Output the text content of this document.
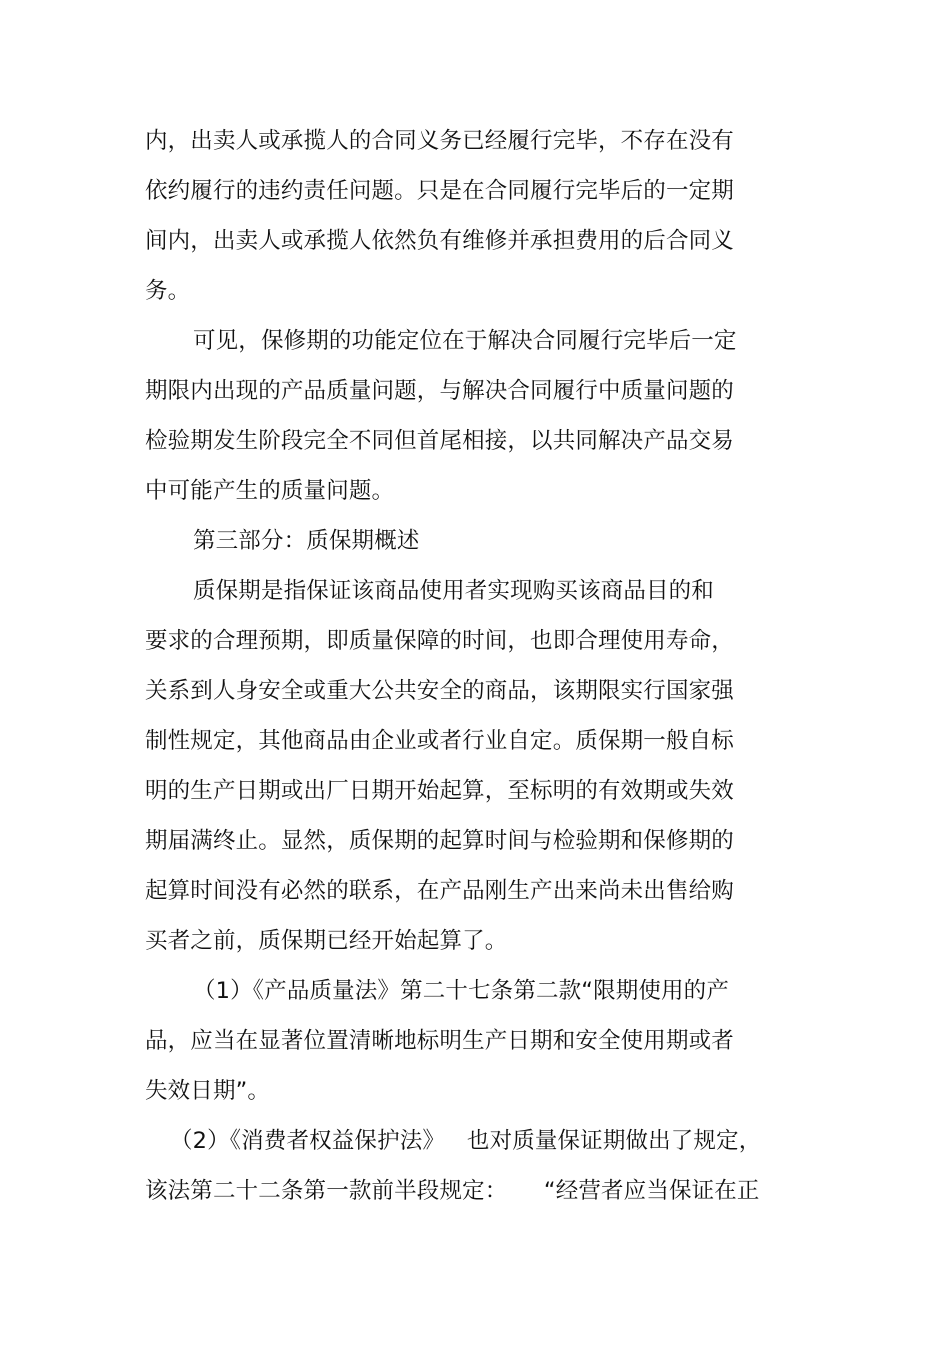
内，出卖人或承揽人的合同义务已经履行完毕，不存在没有
依约履行的违约责任问题。只是在合同履行完毕后的一定期
间内，出卖人或承揽人依然负有维修并承担费用的后合同义
务。
可见，保修期的功能定位在于解决合同履行完毕后一定
期限内出现的产品质量问题，与解决合同履行中质量问题的
检验期发生阶段完全不同但首尾相接，以共同解决产品交易
中可能产生的质量问题。
第三部分：质保期概述
质保期是指保证该商品使用者实现购买该商品目的和
要求的合理预期，即质量保障的时间，也即合理使用寿命，
关系到人身安全或重大公共安全的商品，该期限实行国家强
制性规定，其他商品由企业或者行业自定。质保期一般自标
明的生产日期或出厂日期开始起算，至标明的有效期或失效
期届满终止。显然，质保期的起算时间与检验期和保修期的
起算时间没有必然的联系，在产品刚生产出来尚未出售给购
买者之前，质保期已经开始起算了。
（1）《产品质量法》第二十七条第二款“限期使用的产
品，应当在显著位置清晰地标明生产日期和安全使用期或者
失效日期”。
（2）《消费者权益保护法》   也对质量保证期做出了规定，
该法第二十二条第一款前半段规定：     “经营者应当保证在正
